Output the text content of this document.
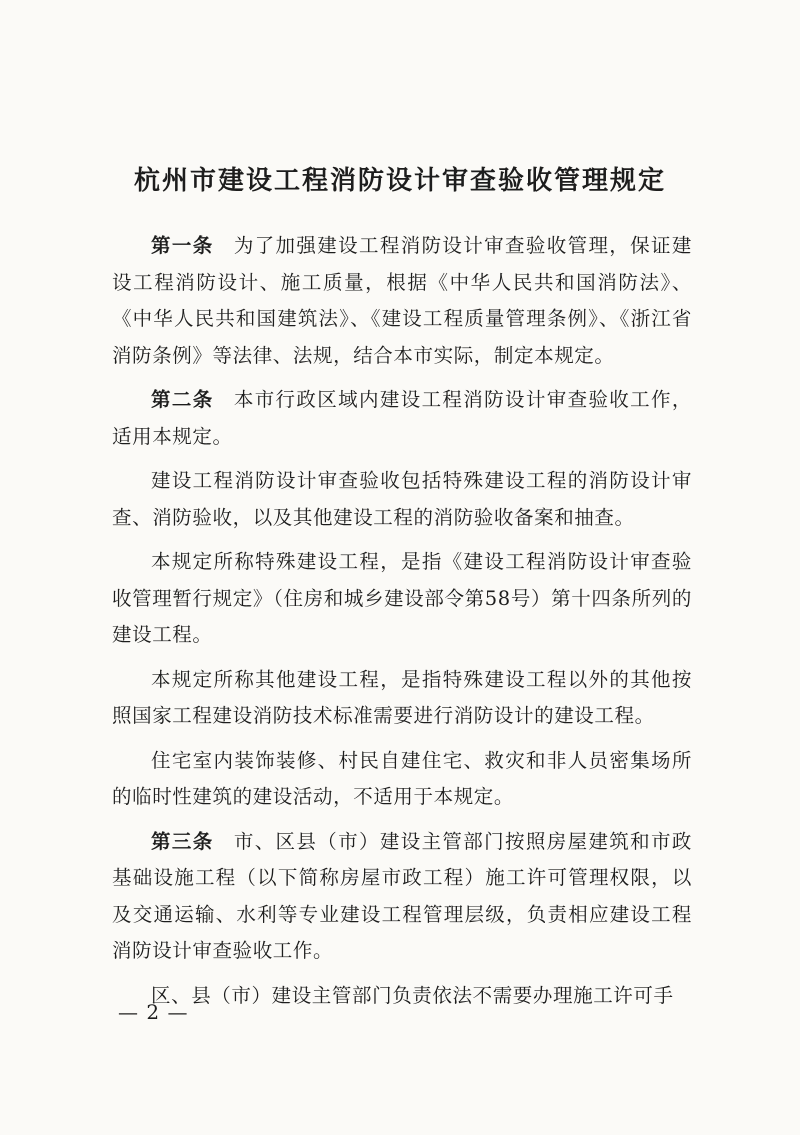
杭州市建设工程消防设计审查验收管理规定

第一条 为了加强建设工程消防设计审查验收管理，保证建设工程消防设计、施工质量，根据《中华人民共和国消防法》、《中华人民共和国建筑法》、《建设工程质量管理条例》、《浙江省消防条例》等法律、法规，结合本市实际，制定本规定。

第二条 本市行政区域内建设工程消防设计审查验收工作，适用本规定。

建设工程消防设计审查验收包括特殊建设工程的消防设计审查、消防验收，以及其他建设工程的消防验收备案和抽查。

本规定所称特殊建设工程，是指《建设工程消防设计审查验收管理暂行规定》（住房和城乡建设部令第58号）第十四条所列的建设工程。

本规定所称其他建设工程，是指特殊建设工程以外的其他按照国家工程建设消防技术标准需要进行消防设计的建设工程。

住宅室内装饰装修、村民自建住宅、救灾和非人员密集场所的临时性建筑的建设活动，不适用于本规定。

第三条 市、区县（市）建设主管部门按照房屋建筑和市政基础设施工程（以下简称房屋市政工程）施工许可管理权限，以及交通运输、水利等专业建设工程管理层级，负责相应建设工程消防设计审查验收工作。

区、县（市）建设主管部门负责依法不需要办理施工许可手

— 2 —
